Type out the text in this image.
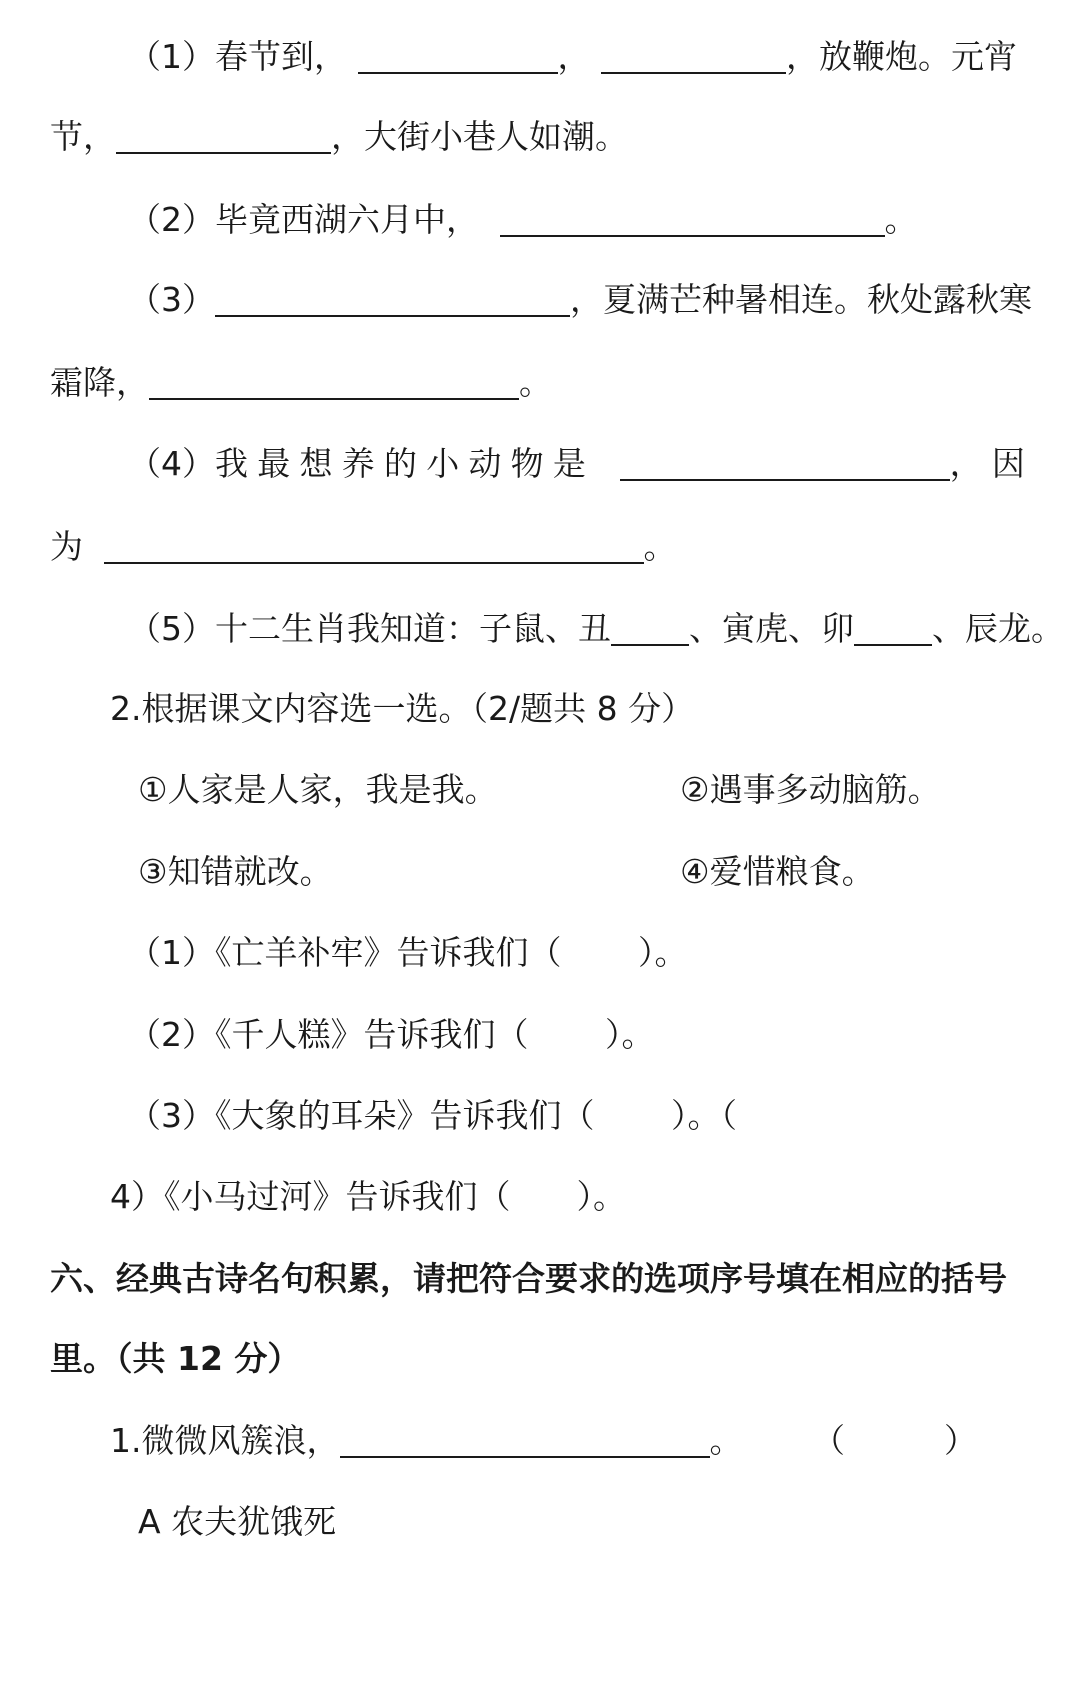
（1）春节到，	，	，放鞭炮。元宵
节，	，大街小巷人如潮。
（2）毕竟西湖六月中，	。
（3）	，夏满芒种暑相连。秋处露秋寒
霜降，	。
（4）我最想养的小动物是	，因
为	。
（5）十二生肖我知道：子鼠、丑 、寅虎、卯 、辰龙。
2.根据课文内容选一选。（2/题共 8 分）
①人家是人家，我是我。	②遇事多动脑筋。
③知错就改。	④爱惜粮食。
（1）《亡羊补牢》告诉我们（　　 ）。
（2）《千人糕》告诉我们（　　 ）。
（3）《大象的耳朵》告诉我们（　　 ）。（
4）《小马过河》告诉我们（　　）。
六、经典古诗名句积累，请把符合要求的选项序号填在相应的括号
里。（共 12 分）
1.微微风簇浪，	。 （　　　）
A 农夫犹饿死
